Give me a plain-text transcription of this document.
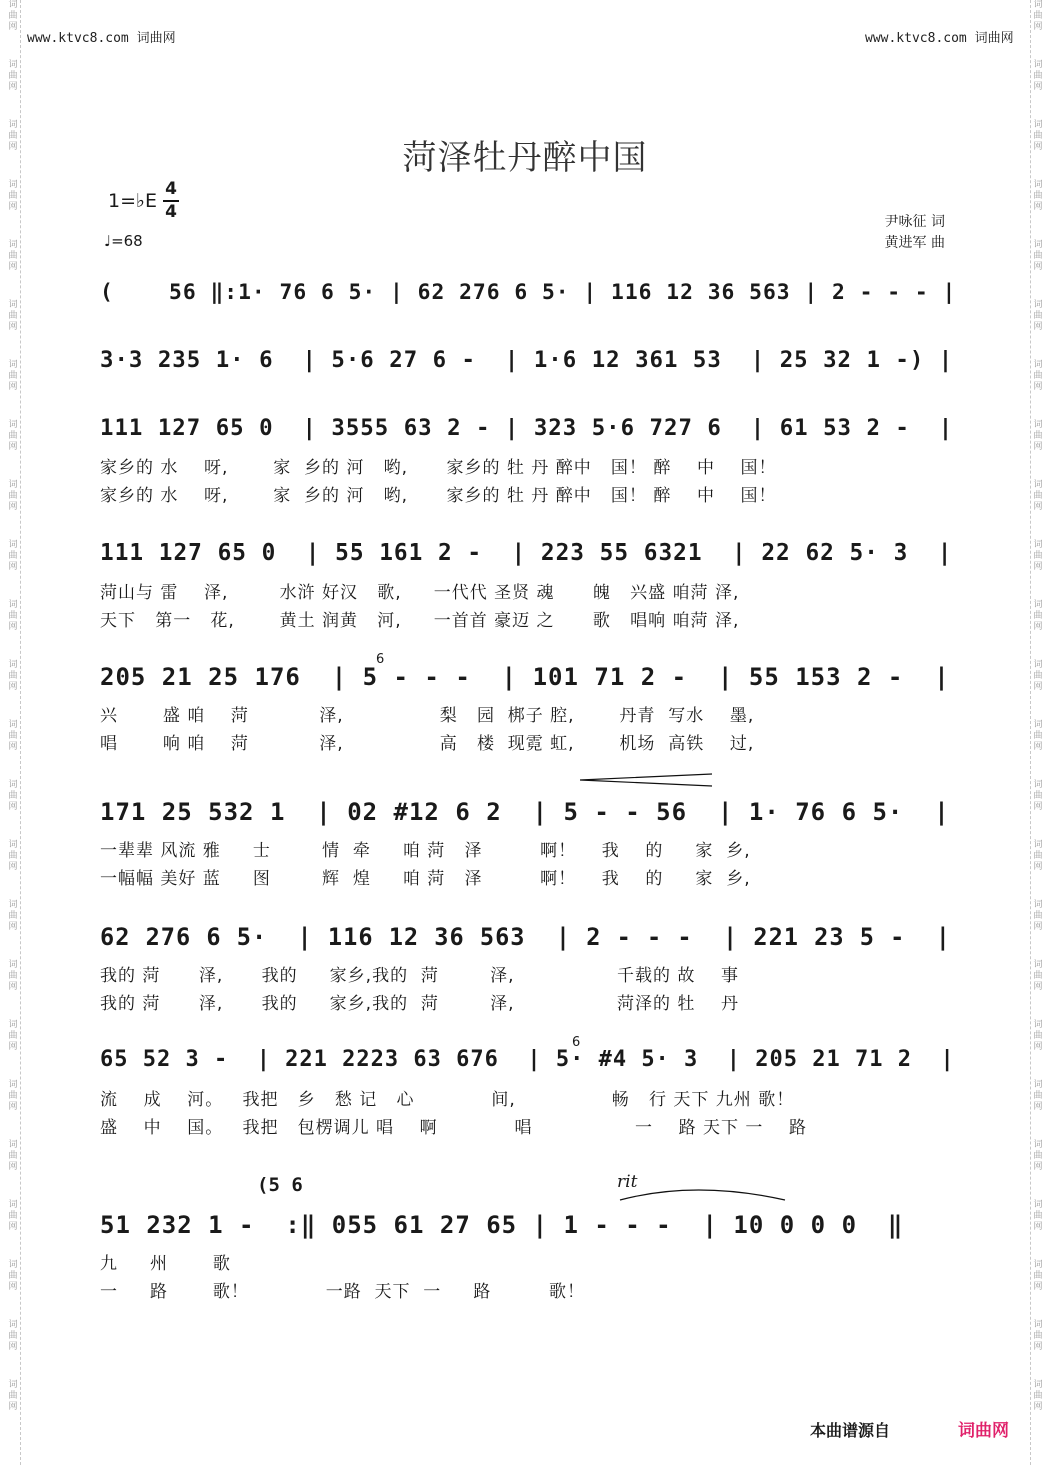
词曲网
词曲网
词曲网
词曲网
词曲网
词曲网
词曲网
词曲网
词曲网
词曲网
词曲网
词曲网
词曲网
词曲网
词曲网
词曲网
词曲网
词曲网
词曲网
词曲网
词曲网
词曲网
词曲网
词曲网
词曲网
词曲网
词曲网
词曲网
词曲网
词曲网
词曲网
词曲网
词曲网
词曲网
词曲网
词曲网
词曲网
词曲网
词曲网
词曲网
词曲网
词曲网
词曲网
词曲网
词曲网
词曲网
词曲网
词曲网
www.ktvc8.com 词曲网	www.ktvc8.com 词曲网
菏泽牡丹醉中国
1=♭E
4
4
♩=68
尹咏征 词
黄进军 曲
(    56 ‖:1· 76 6 5· | 62 276 6 5· | 116 12 36 563 | 2 - - - |
3·3 235 1· 6  | 5·6 27 6 -  | 1·6 12 361 53  | 25 32 1 -) |
111 127 65 0  | 3555 63 2 - | 323 5·6 727 6  | 61 53 2 -  |
家乡的 水    呀,       家  乡的 河   哟,      家乡的 牡 丹 醉中   国！ 醉    中    国！
家乡的 水    呀,       家  乡的 河   哟,      家乡的 牡 丹 醉中   国！ 醉    中    国！
111 127 65 0  | 55 161 2 -  | 223 55 6321  | 22 62 5· 3  |
菏山与 雷    泽,        水浒 好汉   歌,     一代代 圣贤 魂      魄   兴盛 咱菏 泽,
天下   第一   花,       黄土 润黄   河,     一首首 豪迈 之      歌   唱响 咱菏 泽,
205 21 25 176  | 5 - - -  | 101 71 2 -  | 55 153 2 -  |
兴       盛 咱    菏           泽,               梨   园  梆子 腔,       丹青  写水    墨,
唱       响 咱    菏           泽,               高   楼  现霓 虹,       机场  高铁    过,
171 25 532 1  | 02 #12 6 2  | 5 - - 56  | 1· 76 6 5·  |
一辈辈 风流 雅     士        情  牵     咱 菏   泽         啊！    我    的     家  乡,
一幅幅 美好 蓝     图        辉  煌     咱 菏   泽         啊！    我    的     家  乡,
62 276 6 5·  | 116 12 36 563  | 2 - - -  | 221 23 5 -  |
我的 菏      泽,      我的     家乡,我的  菏        泽,                千载的 故    事
我的 菏      泽,      我的     家乡,我的  菏        泽,                菏泽的 牡    丹
65 52 3 -  | 221 2223 63 676  | 5· #4 5· 3  | 205 21 71 2  |
流    成    河。   我把   乡   愁 记   心            间,               畅   行 天下 九州 歌！
盛    中    国。   我把   包楞调儿 唱    啊            唱                一    路 天下 一    路
51 232 1 -  :‖ 055 61 27 65 | 1 - - -  | 10 0 0 0  ‖
九     州       歌
一     路       歌！            一路  天下  一     路         歌！
(5 6
6
6
rit
本曲谱源自	词曲网
